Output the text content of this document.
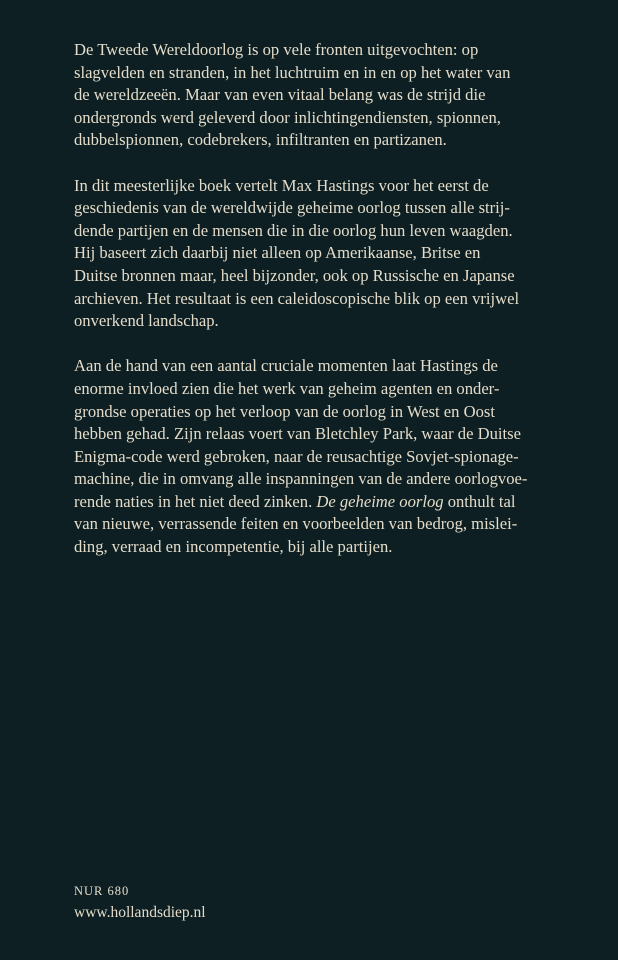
De Tweede Wereldoorlog is op vele fronten uitgevochten: op
slagvelden en stranden, in het luchtruim en in en op het water van
de wereldzeeën. Maar van even vitaal belang was de strijd die
ondergronds werd geleverd door inlichtingendiensten, spionnen,
dubbelspionnen, codebrekers, infiltranten en partizanen.

In dit meesterlijke boek vertelt Max Hastings voor het eerst de
geschiedenis van de wereldwijde geheime oorlog tussen alle strij-
dende partijen en de mensen die in die oorlog hun leven waagden.
Hij baseert zich daarbij niet alleen op Amerikaanse, Britse en
Duitse bronnen maar, heel bijzonder, ook op Russische en Japanse
archieven. Het resultaat is een caleidoscopische blik op een vrijwel
onverkend landschap.

Aan de hand van een aantal cruciale momenten laat Hastings de
enorme invloed zien die het werk van geheim agenten en onder-
grondse operaties op het verloop van de oorlog in West en Oost
hebben gehad. Zijn relaas voert van Bletchley Park, waar de Duitse
Enigma-code werd gebroken, naar de reusachtige Sovjet-spionage-
machine, die in omvang alle inspanningen van de andere oorlogvoe-
rende naties in het niet deed zinken. De geheime oorlog onthult tal
van nieuwe, verrassende feiten en voorbeelden van bedrog, mislei-
ding, verraad en incompetentie, bij alle partijen.

NUR 680
www.hollandsdiep.nl
